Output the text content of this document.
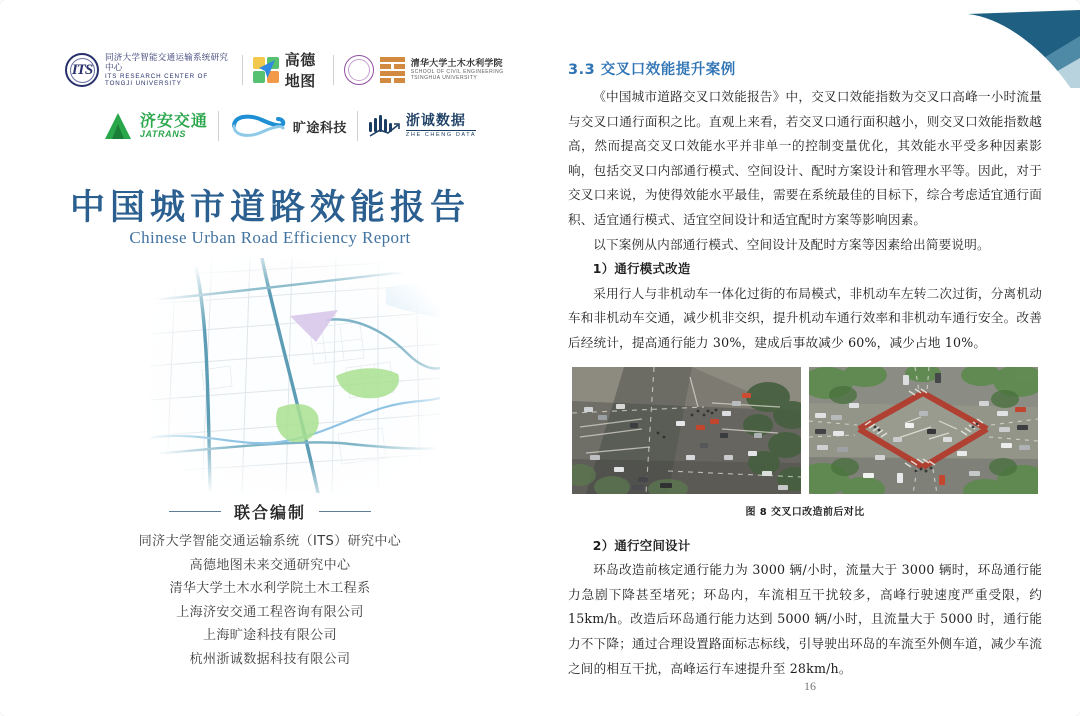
ITS
同济大学智能交通运输系统研究中心
ITS RESEARCH CENTER OF TONGJI UNIVERSITY
高德地图
清华大学土木水利学院
SCHOOL OF CIVIL ENGINEERING TSINGHUA UNIVERSITY
济安交通
JATRANS	旷途科技	浙诚数据
ZHE CHENG DATA
中国城市道路效能报告
Chinese Urban Road Efficiency Report
联合编制
同济大学智能交通运输系统（ITS）研究中心
高德地图未来交通研究中心
清华大学土木水利学院土木工程系
上海济安交通工程咨询有限公司
上海旷途科技有限公司
杭州浙诚数据科技有限公司
3.3 交叉口效能提升案例

《中国城市道路交叉口效能报告》中，交叉口效能指数为交叉口高峰一小时流量与交叉口通行面积之比。直观上来看，若交叉口通行面积越小，则交叉口效能指数越高，然而提高交叉口效能水平并非单一的控制变量优化，其效能水平受多种因素影响，包括交叉口内部通行模式、空间设计、配时方案设计和管理水平等。因此，对于交叉口来说，为使得效能水平最佳，需要在系统最佳的目标下，综合考虑适宜通行面积、适宜通行模式、适宜空间设计和适宜配时方案等影响因素。

以下案例从内部通行模式、空间设计及配时方案等因素给出简要说明。

1）通行模式改造

采用行人与非机动车一体化过街的布局模式，非机动车左转二次过街，分离机动车和非机动车交通，减少机非交织，提升机动车通行效率和非机动车通行安全。改善后经统计，提高通行能力 30%，建成后事故减少 60%，减少占地 10%。

图 8 交叉口改造前后对比

2）通行空间设计

环岛改造前核定通行能力为 3000 辆/小时，流量大于 3000 辆时，环岛通行能力急剧下降甚至堵死；环岛内，车流相互干扰较多，高峰行驶速度严重受限，约 15km/h。改造后环岛通行能力达到 5000 辆/小时，且流量大于 5000 时，通行能力不下降；通过合理设置路面标志标线，引导驶出环岛的车流至外侧车道，减少车流之间的相互干扰，高峰运行车速提升至 28km/h。

16
